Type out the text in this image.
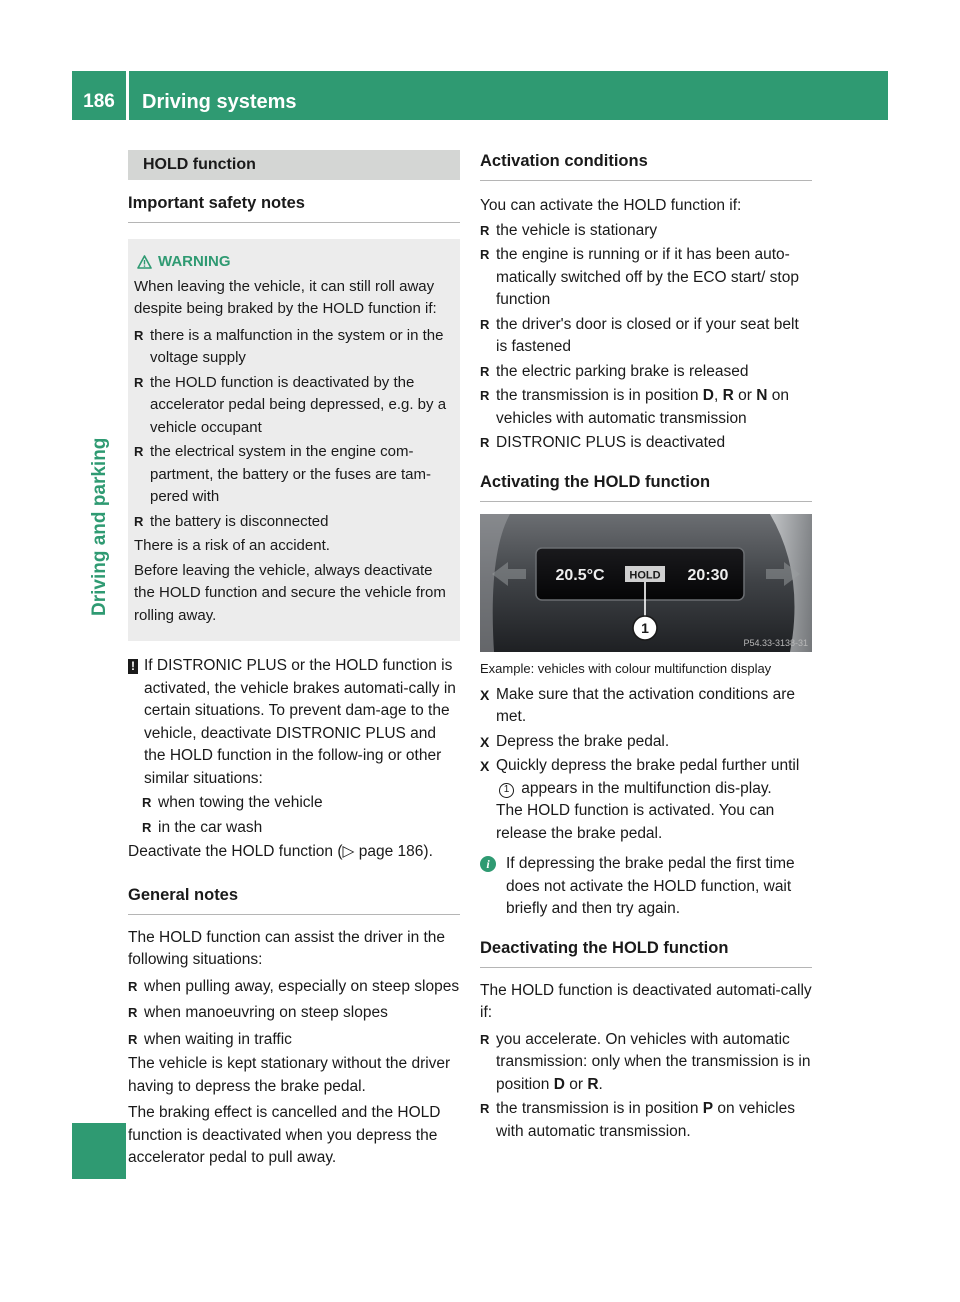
186	Driving systems
Driving and parking
HOLD function
Important safety notes
WARNING
When leaving the vehicle, it can still roll away despite being braked by the HOLD function if:
R there is a malfunction in the system or in the voltage supply
R the HOLD function is deactivated by the accelerator pedal being depressed, e.g. by a vehicle occupant
R the electrical system in the engine com-partment, the battery or the fuses are tam-pered with
R the battery is disconnected
There is a risk of an accident.
Before leaving the vehicle, always deactivate the HOLD function and secure the vehicle from rolling away.
! If DISTRONIC PLUS or the HOLD function is activated, the vehicle brakes automati-cally in certain situations. To prevent dam-age to the vehicle, deactivate DISTRONIC PLUS and the HOLD function in the follow-ing or other similar situations:
R when towing the vehicle
R in the car wash
Deactivate the HOLD function (▷ page 186).
General notes
The HOLD function can assist the driver in the following situations:
R when pulling away, especially on steep slopes
R when manoeuvring on steep slopes
R when waiting in traffic
The vehicle is kept stationary without the driver having to depress the brake pedal.
The braking effect is cancelled and the HOLD function is deactivated when you depress the accelerator pedal to pull away.
Activation conditions
You can activate the HOLD function if:
R the vehicle is stationary
R the engine is running or if it has been auto-matically switched off by the ECO start/ stop function
R the driver's door is closed or if your seat belt is fastened
R the electric parking brake is released
R the transmission is in position D, R or N on vehicles with automatic transmission
R DISTRONIC PLUS is deactivated
Activating the HOLD function
20.5°C HOLD 20:30
1
P54.33-3138-31
Example: vehicles with colour multifunction display
X Make sure that the activation conditions are met.
X Depress the brake pedal.
X Quickly depress the brake pedal further until 1 appears in the multifunction dis-play.
The HOLD function is activated. You can release the brake pedal.
i	If depressing the brake pedal the first time does not activate the HOLD function, wait briefly and then try again.
Deactivating the HOLD function
The HOLD function is deactivated automati-cally if:
R you accelerate. On vehicles with automatic transmission: only when the transmission is in position D or R.
R the transmission is in position P on vehicles with automatic transmission.
